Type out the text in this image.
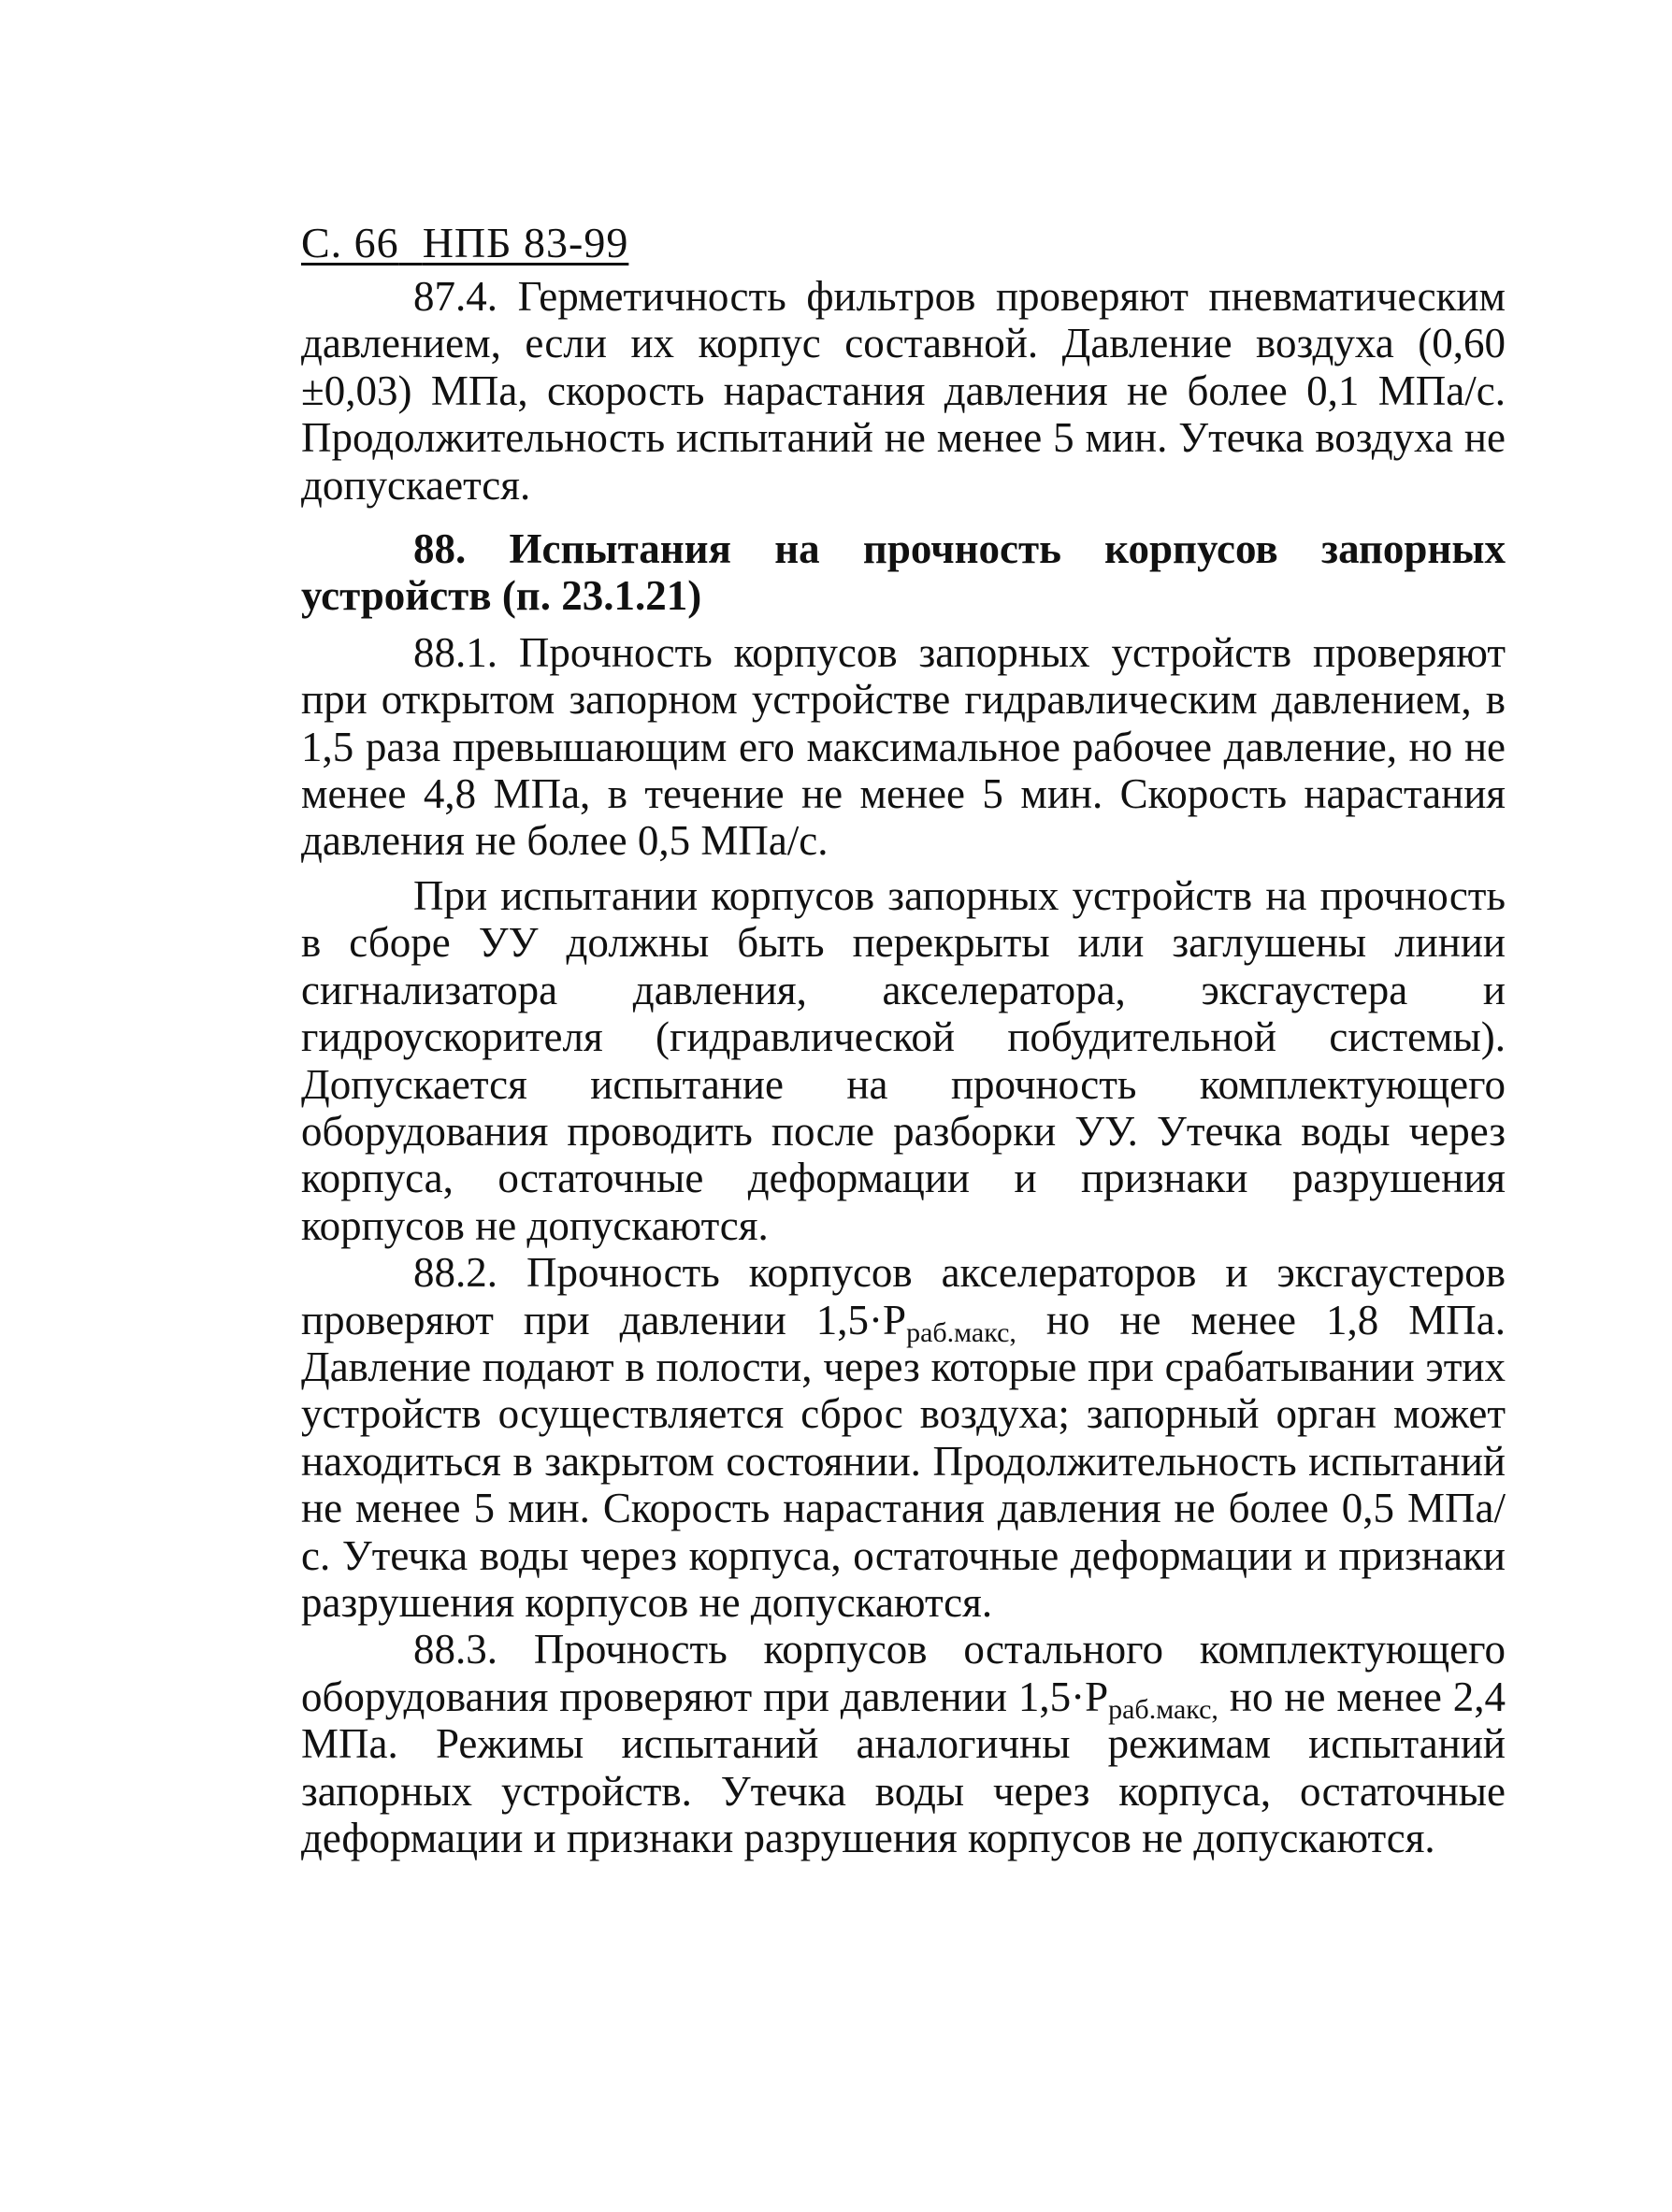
С. 66 НПБ 83-99

87.4. Герметичность фильтров проверяют пневматическим давлением, если их корпус составной. Давление воздуха (0,60 ±0,03) МПа, скорость нарастания давления не более 0,1 МПа/с. Продолжительность испытаний не менее 5 мин. Утечка воздуха не допускается.

88. Испытания на прочность корпусов запорных устройств (п. 23.1.21)

88.1. Прочность корпусов запорных устройств проверяют при открытом запорном устройстве гидравлическим давлением, в 1,5 раза превышающим его максимальное рабочее давление, но не менее 4,8 МПа, в течение не менее 5 мин. Скорость нарастания давления не более 0,5 МПа/с.

При испытании корпусов запорных устройств на прочность в сборе УУ должны быть перекрыты или заглушены линии сигнализатора давления, акселератора, эксгаустера и гидроускорителя (гидравлической побудительной системы). Допускается испытание на прочность комплектующего оборудования проводить после разборки УУ. Утечка воды через корпуса, остаточные деформации и признаки разрушения корпусов не допускаются.

88.2. Прочность корпусов акселераторов и эксгаустеров проверяют при давлении $1,5\cdot P_{раб.макс,}$ но не менее 1,8 МПа. Давление подают в полости, через которые при срабатывании этих устройств осуществляется сброс воздуха; запорный орган может находиться в закрытом состоянии. Продолжительность испытаний не менее 5 мин. Скорость нарастания давления не более 0,5 МПа/с. Утечка воды через корпуса, остаточные деформации и признаки разрушения корпусов не допускаются.

88.3. Прочность корпусов остального комплектующего оборудования проверяют при давлении $1,5\cdot P_{раб.макс,}$ но не менее 2,4 МПа. Режимы испытаний аналогичны режимам испытаний запорных устройств. Утечка воды через корпуса, остаточные деформации и признаки разрушения корпусов не допускаются.
